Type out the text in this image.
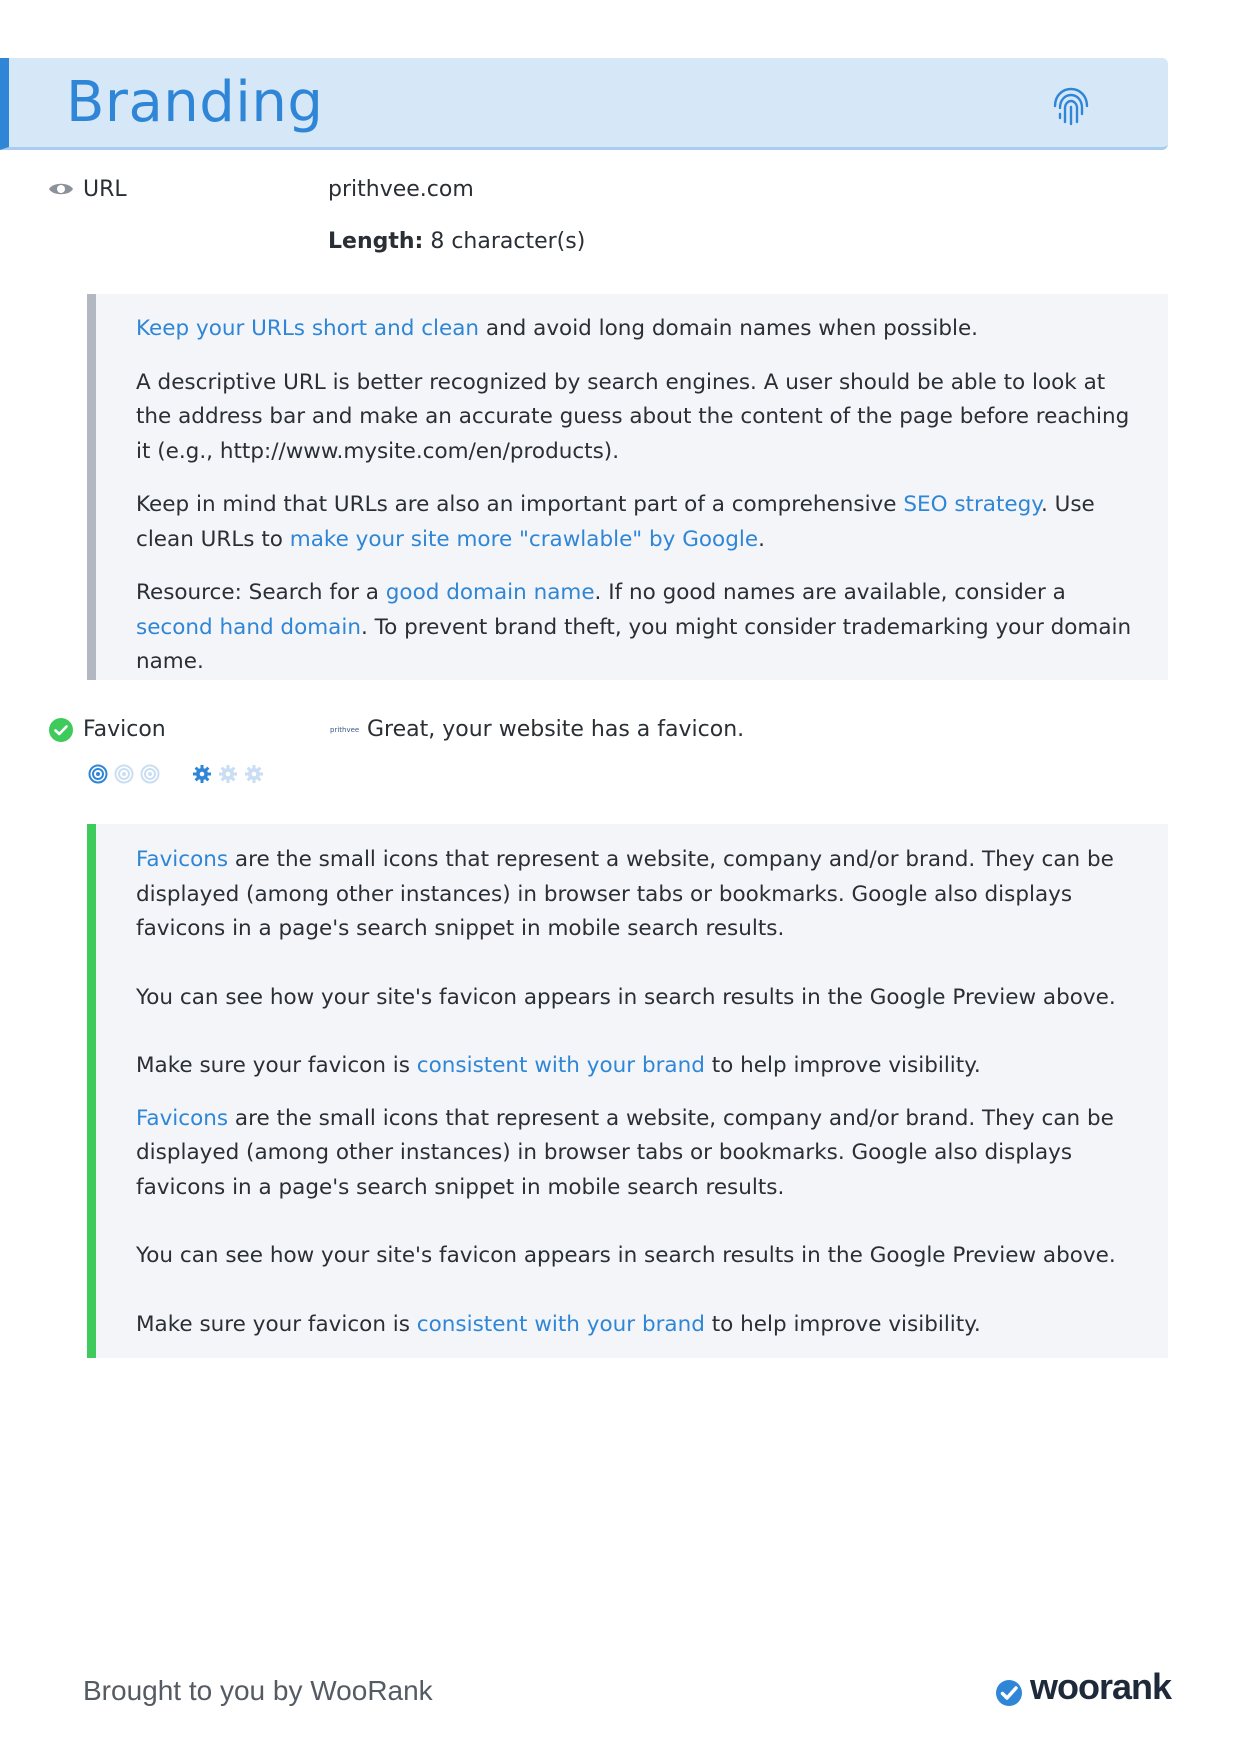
Branding
URL	prithvee.com
Length: 8 character(s)

Keep your URLs short and clean and avoid long domain names when possible.

A descriptive URL is better recognized by search engines. A user should be able to look at the address bar and make an accurate guess about the content of the page before reaching it (e.g., http://www.mysite.com/en/products).

Keep in mind that URLs are also an important part of a comprehensive SEO strategy. Use clean URLs to make your site more "crawlable" by Google.

Resource: Search for a good domain name. If no good names are available, consider a second hand domain. To prevent brand theft, you might consider trademarking your domain name.

Favicon	prithvee Great, your website has a favicon.

Favicons are the small icons that represent a website, company and/or brand. They can be displayed (among other instances) in browser tabs or bookmarks. Google also displays favicons in a page's search snippet in mobile search results.

You can see how your site's favicon appears in search results in the Google Preview above.

Make sure your favicon is consistent with your brand to help improve visibility.

Favicons are the small icons that represent a website, company and/or brand. They can be displayed (among other instances) in browser tabs or bookmarks. Google also displays favicons in a page's search snippet in mobile search results.

You can see how your site's favicon appears in search results in the Google Preview above.

Make sure your favicon is consistent with your brand to help improve visibility.

Brought to you by WooRank	woorank
